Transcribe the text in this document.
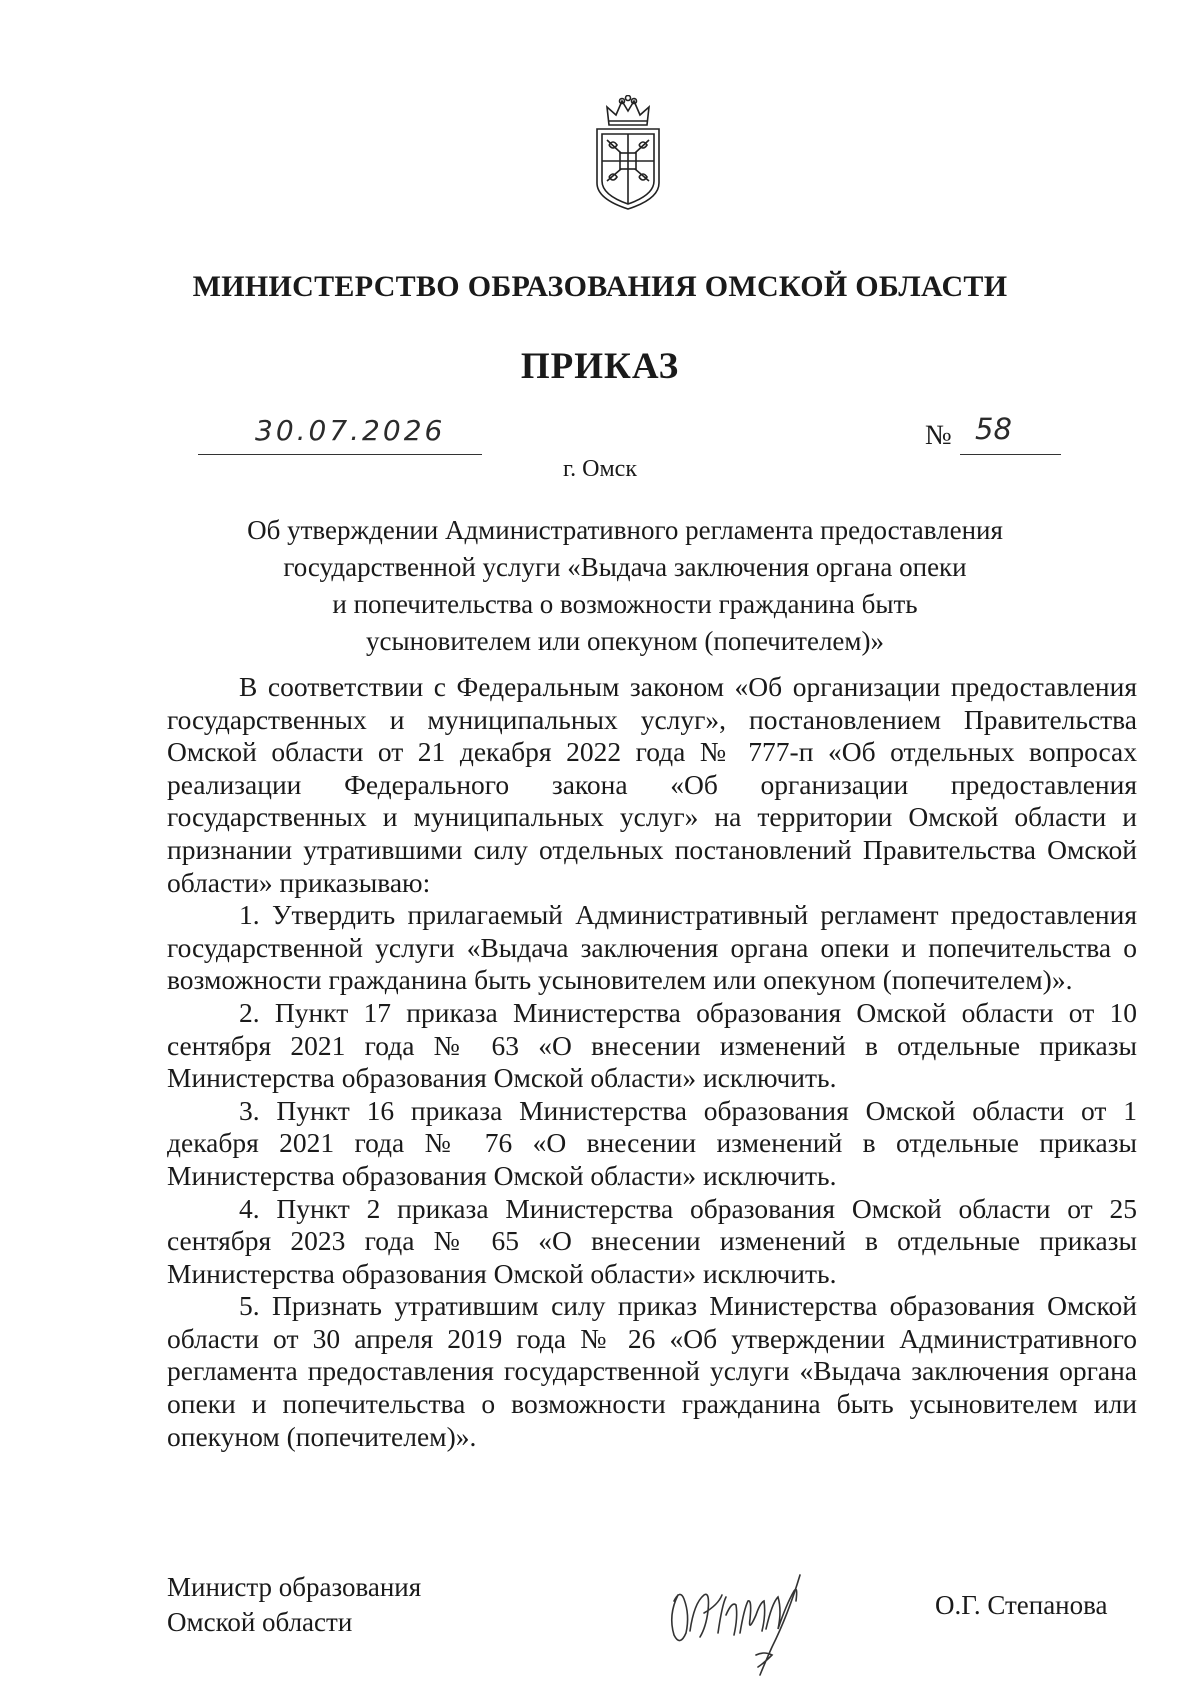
МИНИСТЕРСТВО ОБРАЗОВАНИЯ ОМСКОЙ ОБЛАСТИ
ПРИКАЗ
30.07.2026	№ 58
г. Омск
Об утверждении Административного регламента предоставления
государственной услуги «Выдача заключения органа опеки
и попечительства о возможности гражданина быть
усыновителем или опекуном (попечителем)»

В соответствии с Федеральным законом «Об организации предоставления государственных и муниципальных услуг», постановлением Правительства Омской области от 21 декабря 2022 года № 777-п «Об отдельных вопросах реализации Федерального закона «Об организации предоставления государственных и муниципальных услуг» на территории Омской области и признании утратившими силу отдельных постановлений Правительства Омской области» приказываю:

1. Утвердить прилагаемый Административный регламент предоставления государственной услуги «Выдача заключения органа опеки и попечительства о возможности гражданина быть усыновителем или опекуном (попечителем)».

2. Пункт 17 приказа Министерства образования Омской области от 10 сентября 2021 года № 63 «О внесении изменений в отдельные приказы Министерства образования Омской области» исключить.

3. Пункт 16 приказа Министерства образования Омской области от 1 декабря 2021 года № 76 «О внесении изменений в отдельные приказы Министерства образования Омской области» исключить.

4. Пункт 2 приказа Министерства образования Омской области от 25 сентября 2023 года № 65 «О внесении изменений в отдельные приказы Министерства образования Омской области» исключить.

5. Признать утратившим силу приказ Министерства образования Омской области от 30 апреля 2019 года № 26 «Об утверждении Административного регламента предоставления государственной услуги «Выдача заключения органа опеки и попечительства о возможности гражданина быть усыновителем или опекуном (попечителем)».

Министр образования
Омской области
О.Г. Степанова
